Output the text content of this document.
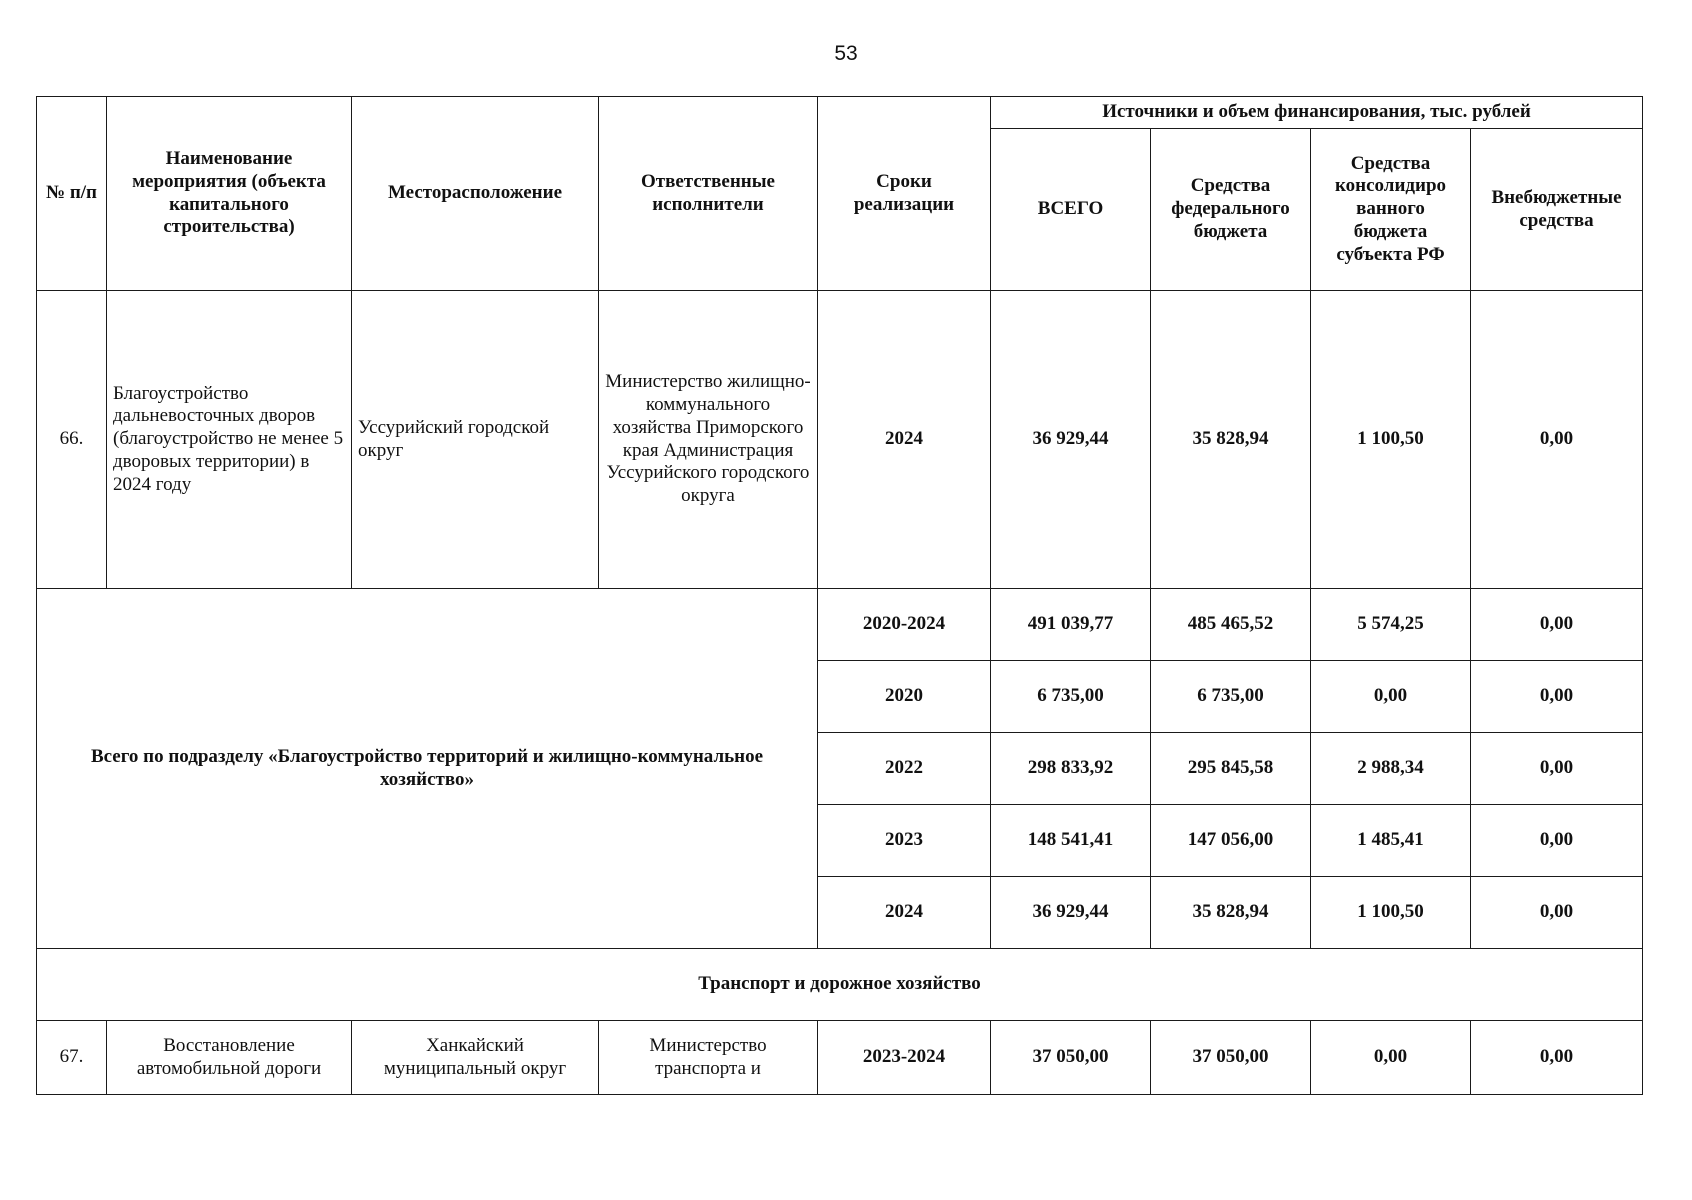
53
№ п/п	Наименование мероприятия (объекта капитального строительства)	Месторасположение	Ответственные исполнители	Сроки реализации	Источники и объем финансирования, тыс. рублей			
					ВСЕГО	Средства федерального бюджета	Средства консолидиро ванного бюджета субъекта РФ	Внебюджетные средства
66.	Благоустройство дальневосточных дворов (благоустройство не менее 5 дворовых территории) в 2024 году	Уссурийский городской округ	Министерство жилищно-коммунального хозяйства Приморского края Администрация Уссурийского городского округа	2024	36 929,44	35 828,94	1 100,50	0,00
Всего по подразделу «Благоустройство территорий и жилищно-коммунальное хозяйство»				2020-2024	491 039,77	485 465,52	5 574,25	0,00
				2020	6 735,00	6 735,00	0,00	0,00
				2022	298 833,92	295 845,58	2 988,34	0,00
				2023	148 541,41	147 056,00	1 485,41	0,00
				2024	36 929,44	35 828,94	1 100,50	0,00
Транспорт и дорожное хозяйство								
67.	Восстановление автомобильной дороги	Ханкайский муниципальный округ	Министерство транспорта и	2023-2024	37 050,00	37 050,00	0,00	0,00
